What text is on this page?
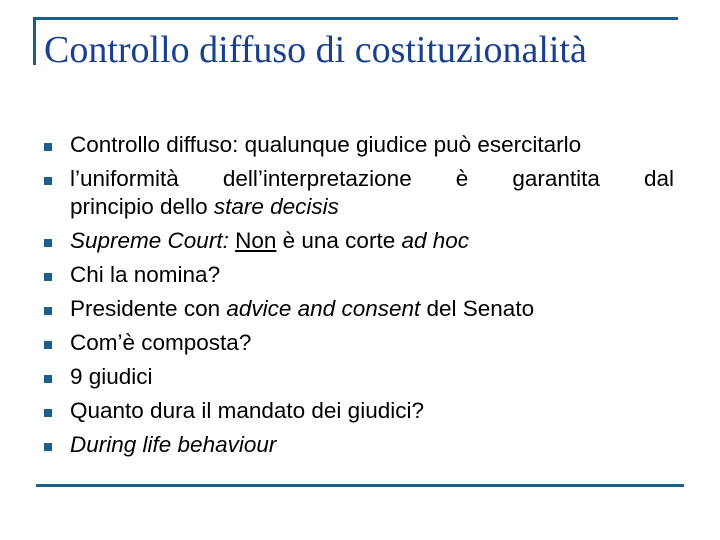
Controllo diffuso di costituzionalità
Controllo diffuso: qualunque giudice può esercitarlo
l’uniformità dell’interpretazione è garantita dal
principio dello stare decisis
Supreme Court: Non è una corte ad hoc
Chi la nomina?
Presidente con advice and consent del Senato
Com’è composta?
9 giudici
Quanto dura il mandato dei giudici?
During life behaviour
